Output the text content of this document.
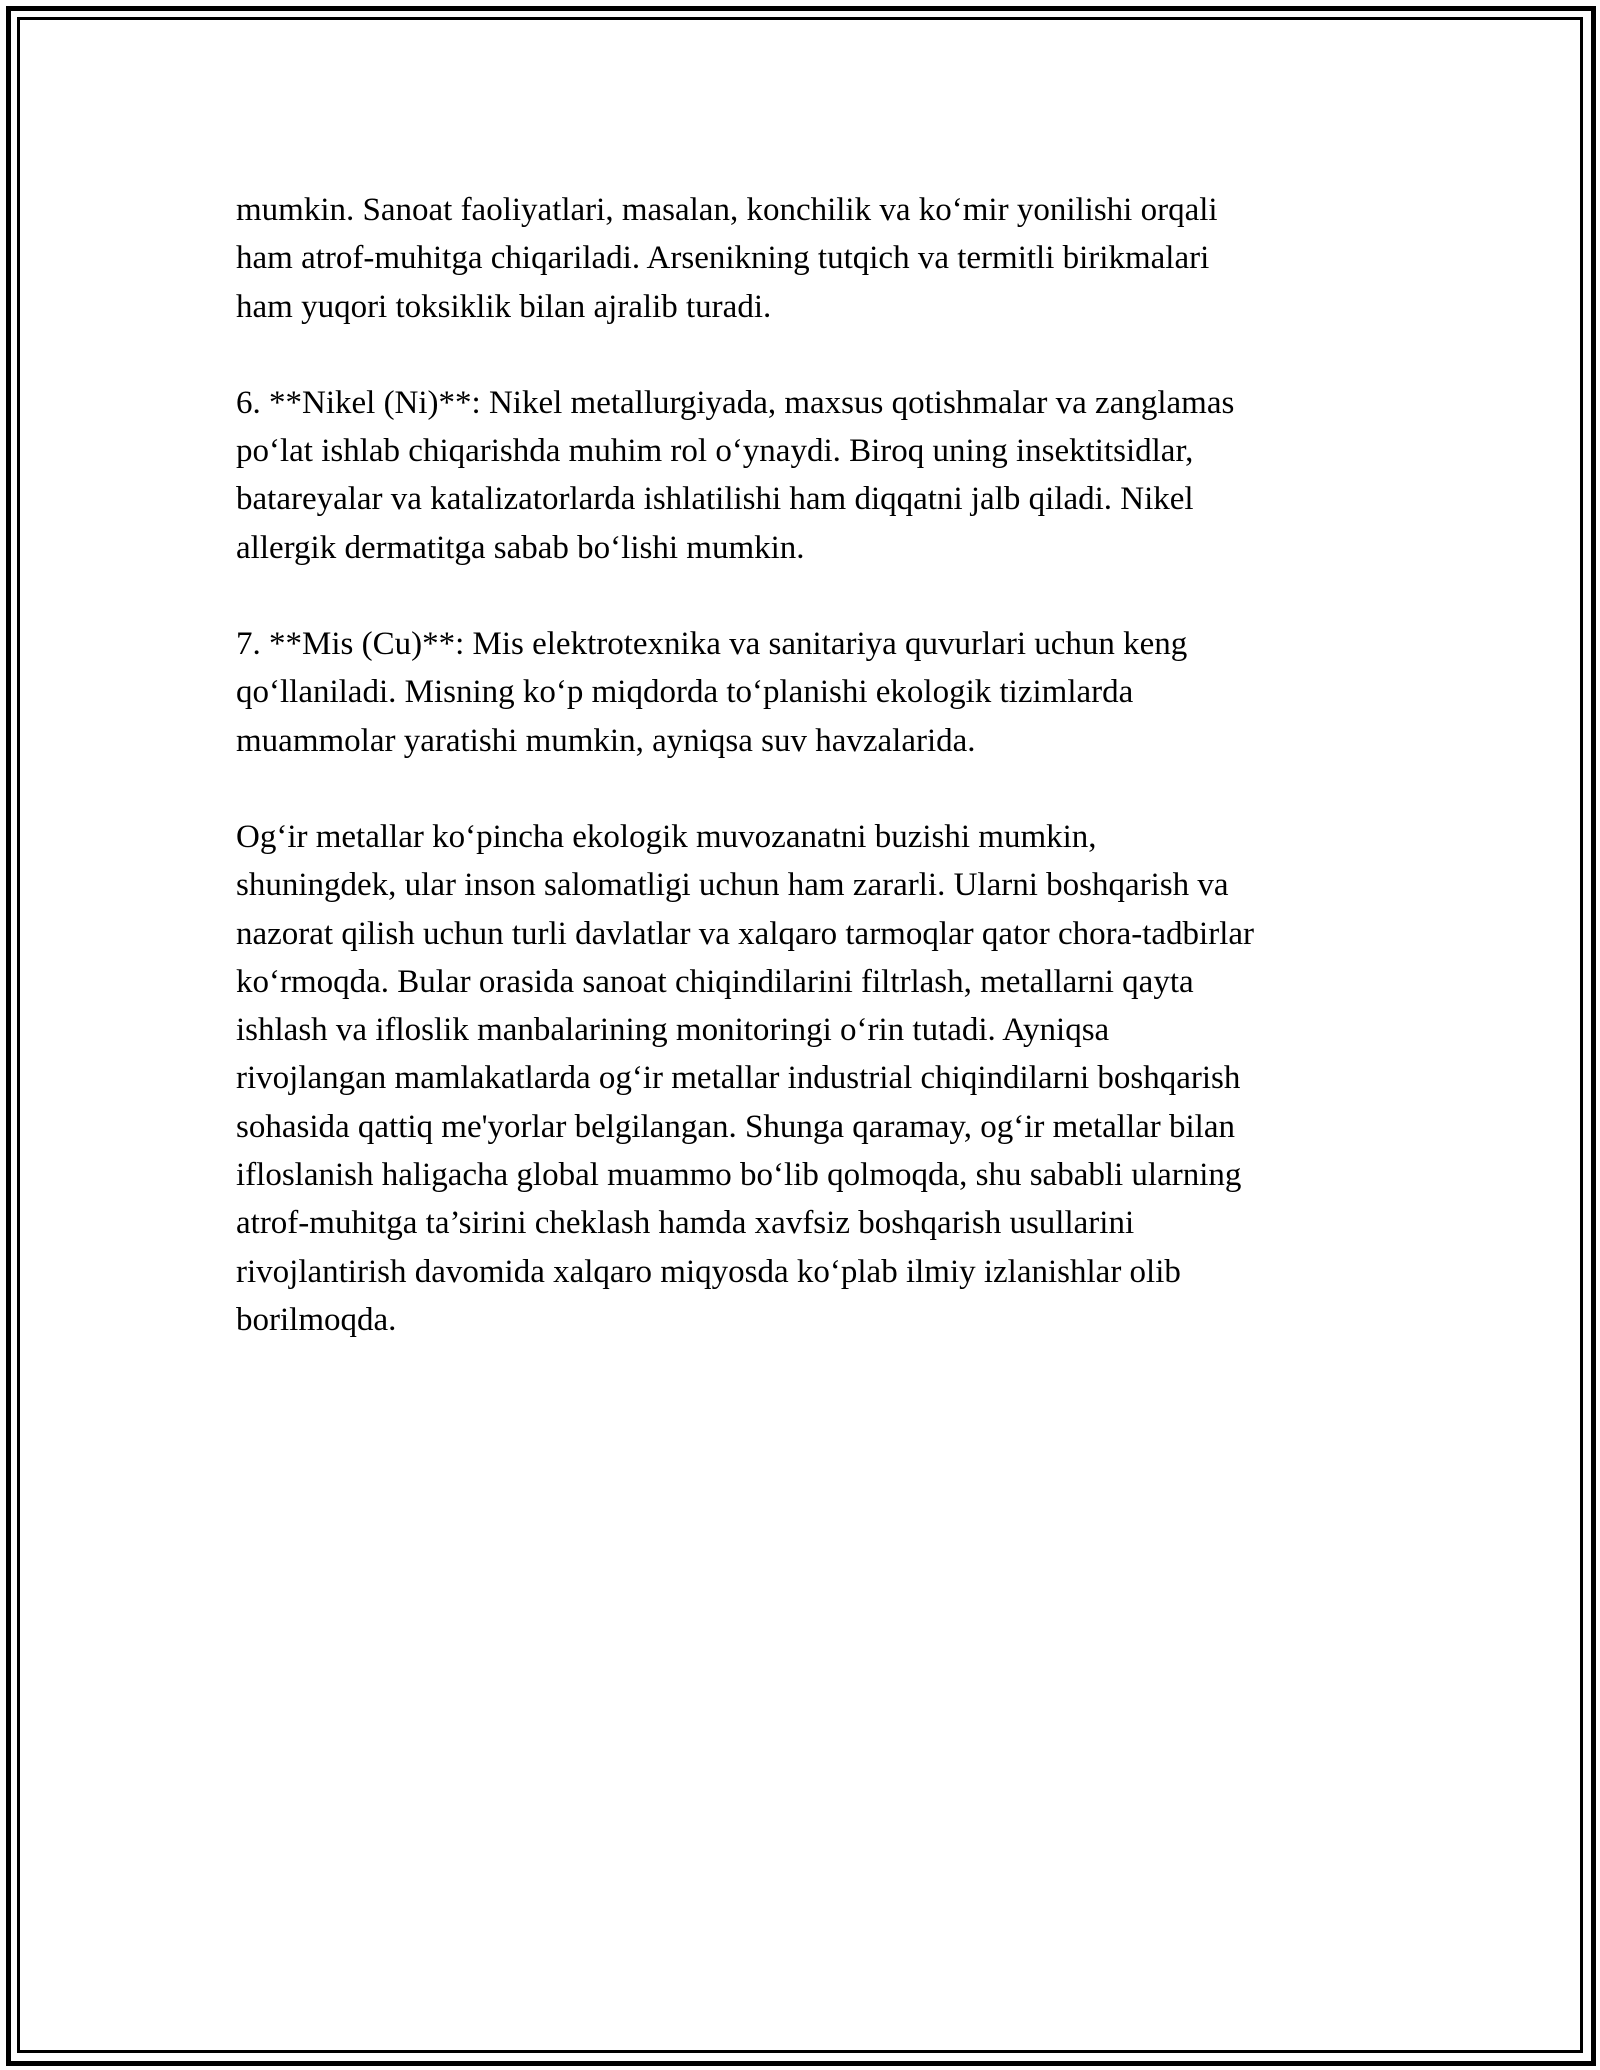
mumkin. Sanoat faoliyatlari, masalan, konchilik va ko‘mir yonilishi orqali
ham atrof-muhitga chiqariladi. Arsenikning tutqich va termitli birikmalari
ham yuqori toksiklik bilan ajralib turadi.

6. **Nikel (Ni)**: Nikel metallurgiyada, maxsus qotishmalar va zanglamas
po‘lat ishlab chiqarishda muhim rol o‘ynaydi. Biroq uning insektitsidlar,
batareyalar va katalizatorlarda ishlatilishi ham diqqatni jalb qiladi. Nikel
allergik dermatitga sabab bo‘lishi mumkin.

7. **Mis (Cu)**: Mis elektrotexnika va sanitariya quvurlari uchun keng
qo‘llaniladi. Misning ko‘p miqdorda to‘planishi ekologik tizimlarda
muammolar yaratishi mumkin, ayniqsa suv havzalarida.

Og‘ir metallar ko‘pincha ekologik muvozanatni buzishi mumkin,
shuningdek, ular inson salomatligi uchun ham zararli. Ularni boshqarish va
nazorat qilish uchun turli davlatlar va xalqaro tarmoqlar qator chora-tadbirlar
ko‘rmoqda. Bular orasida sanoat chiqindilarini filtrlash, metallarni qayta
ishlash va ifloslik manbalarining monitoringi o‘rin tutadi. Ayniqsa
rivojlangan mamlakatlarda og‘ir metallar industrial chiqindilarni boshqarish
sohasida qattiq me'yorlar belgilangan. Shunga qaramay, og‘ir metallar bilan
ifloslanish haligacha global muammo bo‘lib qolmoqda, shu sababli ularning
atrof-muhitga ta’sirini cheklash hamda xavfsiz boshqarish usullarini
rivojlantirish davomida xalqaro miqyosda ko‘plab ilmiy izlanishlar olib
borilmoqda.
